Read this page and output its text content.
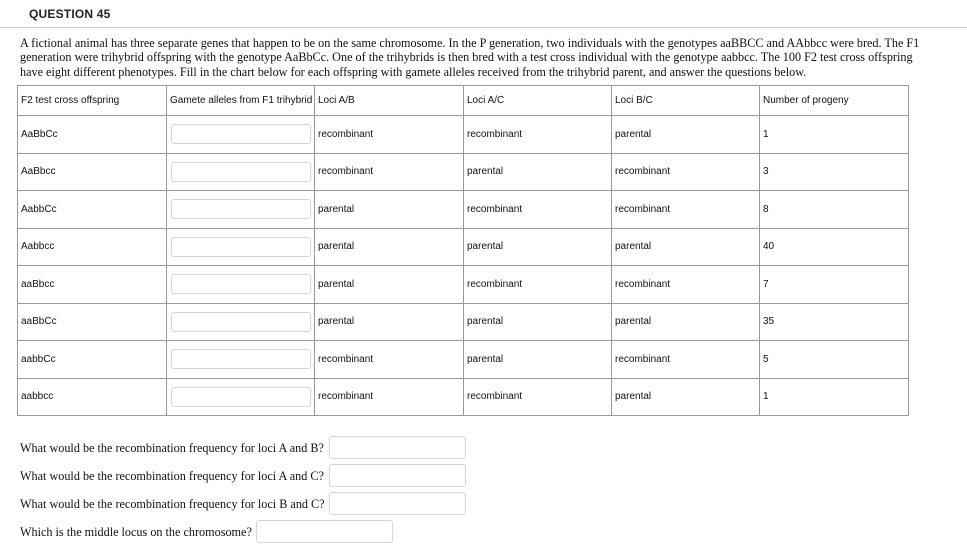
QUESTION 45

A fictional animal has three separate genes that happen to be on the same chromosome. In the P generation, two individuals with the genotypes aaBBCC and AAbbcc were bred. The F1 generation were trihybrid offspring with the genotype AaBbCc. One of the trihybrids is then bred with a test cross individual with the genotype aabbcc. The 100 F2 test cross offspring have eight different phenotypes. Fill in the chart below for each offspring with gamete alleles received from the trihybrid parent, and answer the questions below.

F2 test cross offspring	Gamete alleles from F1 trihybrid	Loci A/B	Loci A/C	Loci B/C	Number of progeny
AaBbCc		recombinant	recombinant	parental	1
AaBbcc		recombinant	parental	recombinant	3
AabbCc		parental	recombinant	recombinant	8
Aabbcc		parental	parental	parental	40
aaBbcc		parental	recombinant	recombinant	7
aaBbCc		parental	parental	parental	35
aabbCc		recombinant	parental	recombinant	5
aabbcc		recombinant	recombinant	parental	1
What would be the recombination frequency for loci A and B?
What would be the recombination frequency for loci A and C?
What would be the recombination frequency for loci B and C?
Which is the middle locus on the chromosome?
